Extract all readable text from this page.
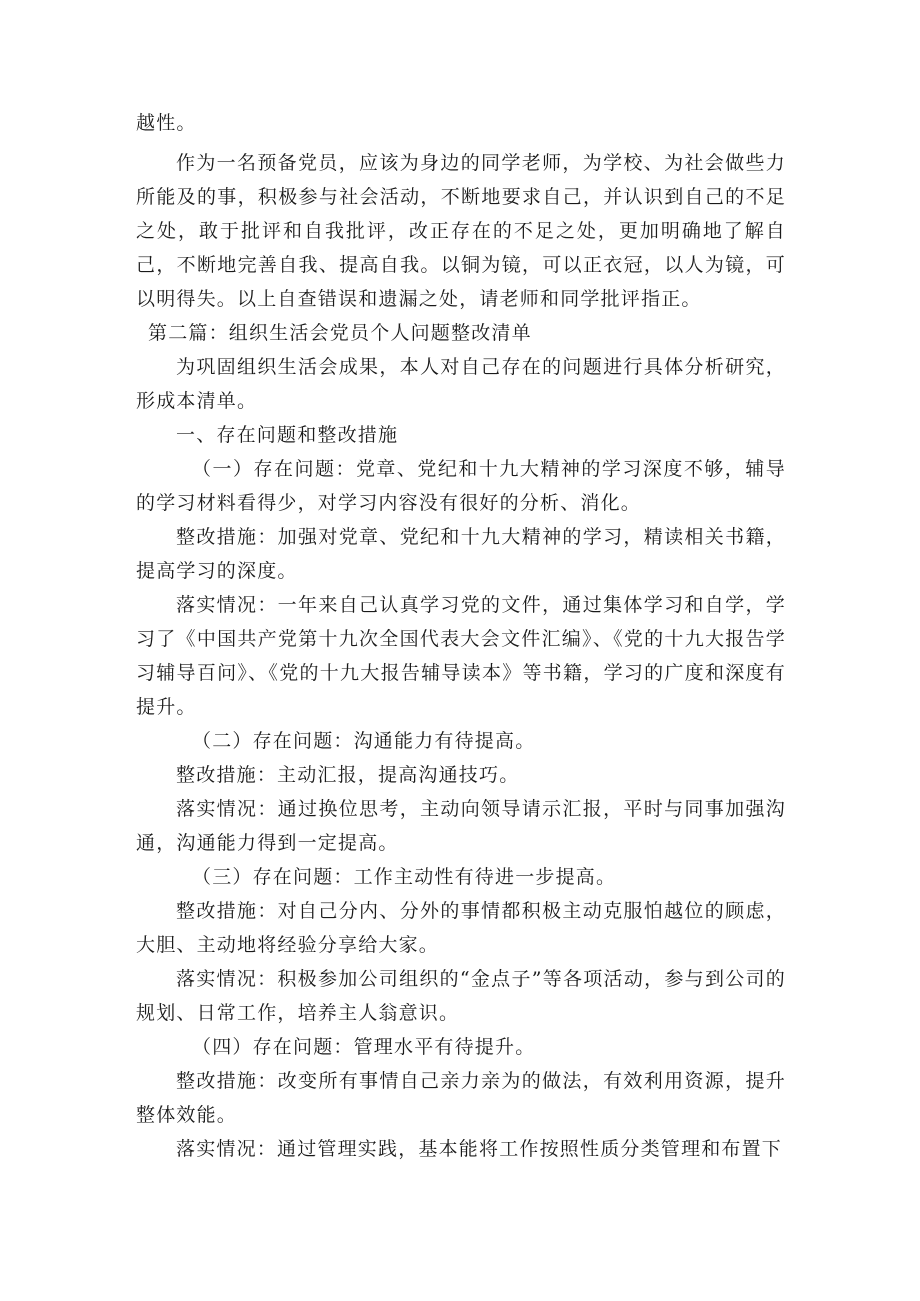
越性。

作为一名预备党员，应该为身边的同学老师，为学校、为社会做些力所能及的事，积极参与社会活动，不断地要求自己，并认识到自己的不足之处，敢于批评和自我批评，改正存在的不足之处，更加明确地了解自己，不断地完善自我、提高自我。以铜为镜，可以正衣冠，以人为镜，可以明得失。以上自查错误和遗漏之处，请老师和同学批评指正。

第二篇：组织生活会党员个人问题整改清单

为巩固组织生活会成果，本人对自己存在的问题进行具体分析研究，形成本清单。

一、存在问题和整改措施

（一）存在问题：党章、党纪和十九大精神的学习深度不够，辅导的学习材料看得少，对学习内容没有很好的分析、消化。

整改措施：加强对党章、党纪和十九大精神的学习，精读相关书籍，提高学习的深度。

落实情况：一年来自己认真学习党的文件，通过集体学习和自学，学习了《中国共产党第十九次全国代表大会文件汇编》、《党的十九大报告学习辅导百问》、《党的十九大报告辅导读本》等书籍，学习的广度和深度有提升。

（二）存在问题：沟通能力有待提高。

整改措施：主动汇报，提高沟通技巧。

落实情况：通过换位思考，主动向领导请示汇报，平时与同事加强沟通，沟通能力得到一定提高。

（三）存在问题：工作主动性有待进一步提高。

整改措施：对自己分内、分外的事情都积极主动克服怕越位的顾虑，大胆、主动地将经验分享给大家。

落实情况：积极参加公司组织的“金点子”等各项活动，参与到公司的规划、日常工作，培养主人翁意识。

（四）存在问题：管理水平有待提升。

整改措施：改变所有事情自己亲力亲为的做法，有效利用资源，提升整体效能。

落实情况：通过管理实践，基本能将工作按照性质分类管理和布置下
